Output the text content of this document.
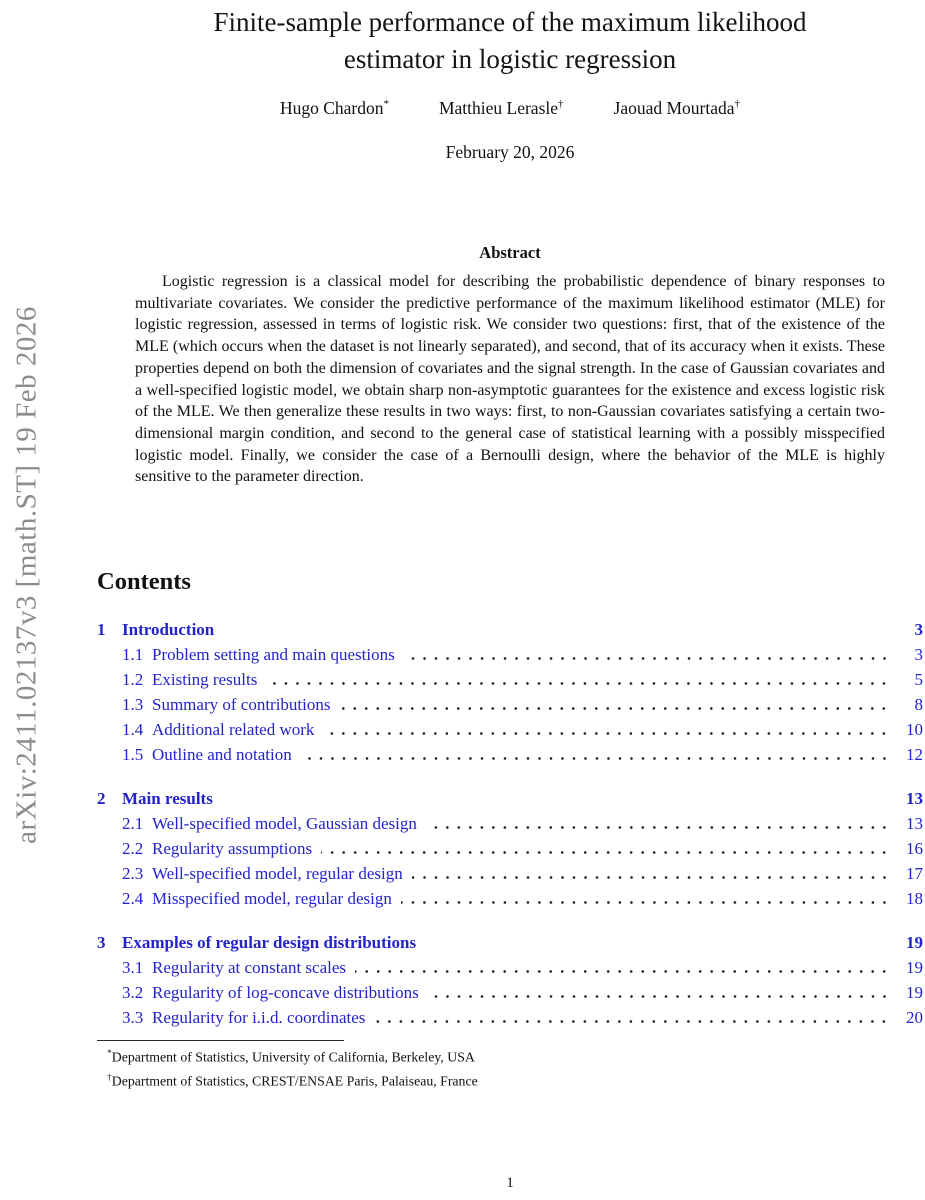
arXiv:2411.02137v3 [math.ST] 19 Feb 2026
Finite-sample performance of the maximum likelihood
estimator in logistic regression
Hugo Chardon*	Matthieu Lerasle†	Jaouad Mourtada†
February 20, 2026
Abstract
Logistic regression is a classical model for describing the probabilistic dependence of binary responses to multivariate covariates. We consider the predictive performance of the maximum likelihood estimator (MLE) for logistic regression, assessed in terms of logistic risk. We consider two questions: first, that of the existence of the MLE (which occurs when the dataset is not linearly separated), and second, that of its accuracy when it exists. These properties depend on both the dimension of covariates and the signal strength. In the case of Gaussian covariates and a well-specified logistic model, we obtain sharp non-asymptotic guarantees for the existence and excess logistic risk of the MLE. We then generalize these results in two ways: first, to non-Gaussian covariates satisfying a certain two-dimensional margin condition, and second to the general case of statistical learning with a possibly misspecified logistic model. Finally, we consider the case of a Bernoulli design, where the behavior of the MLE is highly sensitive to the parameter direction.
Contents
1 Introduction	3
1.1 Problem setting and main questions	3
1.2 Existing results	5
1.3 Summary of contributions	8
1.4 Additional related work	10
1.5 Outline and notation	12
2 Main results	13
2.1 Well-specified model, Gaussian design	13
2.2 Regularity assumptions	16
2.3 Well-specified model, regular design	17
2.4 Misspecified model, regular design	18
3 Examples of regular design distributions	19
3.1 Regularity at constant scales	19
3.2 Regularity of log-concave distributions	19
3.3 Regularity for i.i.d. coordinates	20
*Department of Statistics, University of California, Berkeley, USA
†Department of Statistics, CREST/ENSAE Paris, Palaiseau, France
1
